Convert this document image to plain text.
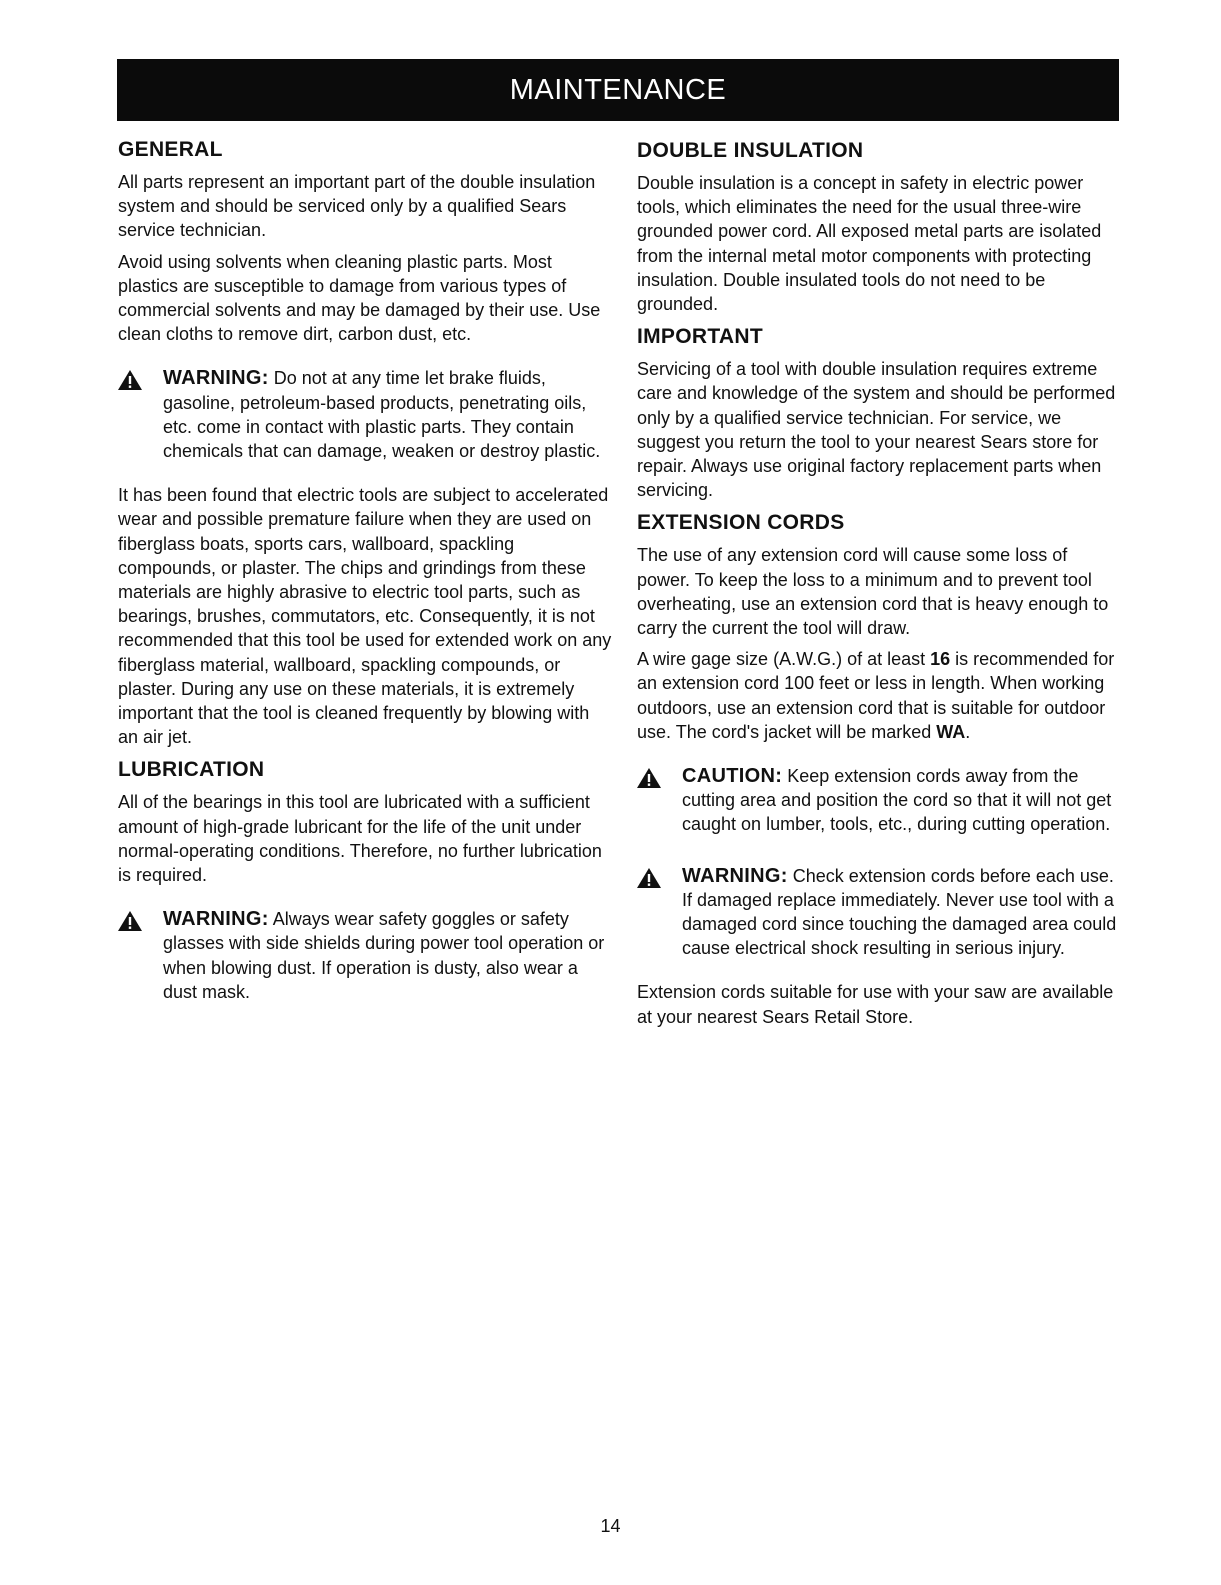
MAINTENANCE
GENERAL

All parts represent an important part of the double insulation system and should be serviced only by a qualified Sears service technician.

Avoid using solvents when cleaning plastic parts. Most plastics are susceptible to damage from various types of commercial solvents and may be damaged by their use. Use clean cloths to remove dirt, carbon dust, etc.

WARNING: Do not at any time let brake fluids, gasoline, petroleum-based products, penetrating oils, etc. come in contact with plastic parts. They contain chemicals that can damage, weaken or destroy plastic.

It has been found that electric tools are subject to accelerated wear and possible premature failure when they are used on fiberglass boats, sports cars, wallboard, spackling compounds, or plaster. The chips and grindings from these materials are highly abrasive to electric tool parts, such as bearings, brushes, commutators, etc. Consequently, it is not recommended that this tool be used for extended work on any fiberglass material, wallboard, spackling compounds, or plaster. During any use on these materials, it is extremely important that the tool is cleaned frequently by blowing with an air jet.

LUBRICATION

All of the bearings in this tool are lubricated with a sufficient amount of high-grade lubricant for the life of the unit under normal-operating conditions. Therefore, no further lubrication is required.

WARNING: Always wear safety goggles or safety glasses with side shields during power tool operation or when blowing dust. If operation is dusty, also wear a dust mask.

DOUBLE INSULATION

Double insulation is a concept in safety in electric power tools, which eliminates the need for the usual three-wire grounded power cord. All exposed metal parts are isolated from the internal metal motor components with protecting insulation. Double insulated tools do not need to be grounded.

IMPORTANT

Servicing of a tool with double insulation requires extreme care and knowledge of the system and should be performed only by a qualified service technician. For service, we suggest you return the tool to your nearest Sears store for repair. Always use original factory replacement parts when servicing.

EXTENSION CORDS

The use of any extension cord will cause some loss of power. To keep the loss to a minimum and to prevent tool overheating, use an extension cord that is heavy enough to carry the current the tool will draw.

A wire gage size (A.W.G.) of at least 16 is recommended for an extension cord 100 feet or less in length. When working outdoors, use an extension cord that is suitable for outdoor use. The cord's jacket will be marked WA.

CAUTION: Keep extension cords away from the cutting area and position the cord so that it will not get caught on lumber, tools, etc., during cutting operation.

WARNING: Check extension cords before each use. If damaged replace immediately. Never use tool with a damaged cord since touching the damaged area could cause electrical shock resulting in serious injury.

Extension cords suitable for use with your saw are available at your nearest Sears Retail Store.

14
